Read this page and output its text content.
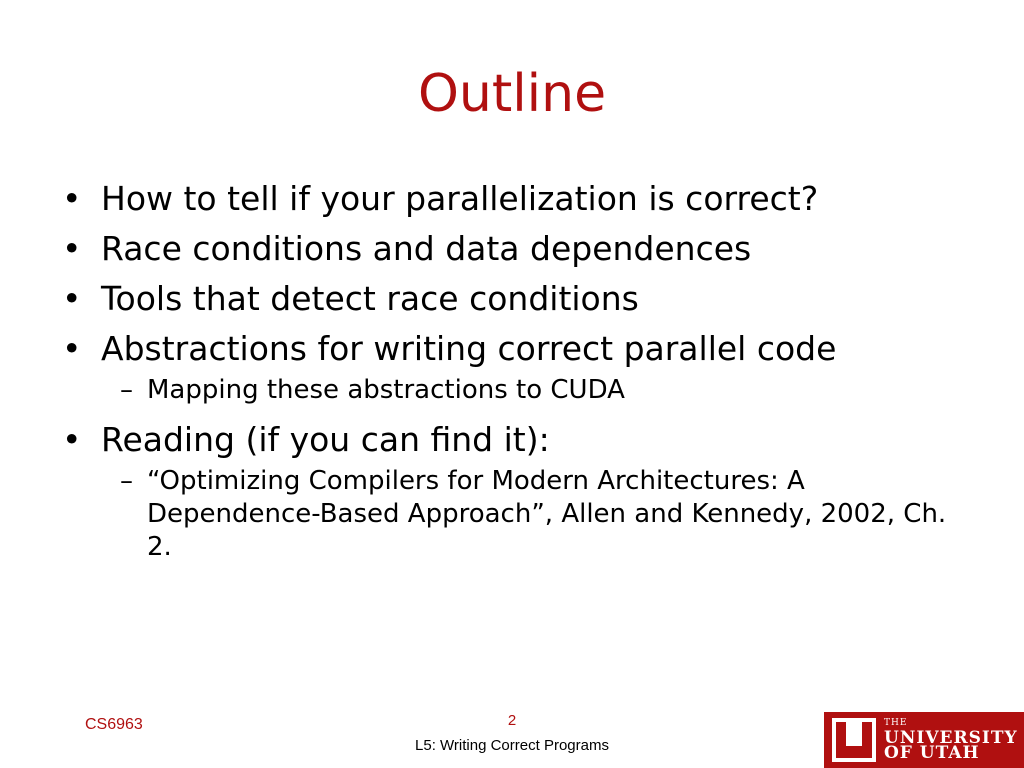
Outline
• How to tell if your parallelization is correct?
• Race conditions and data dependences
• Tools that detect race conditions
• Abstractions for writing correct parallel code
– Mapping these abstractions to CUDA
• Reading (if you can find it):
– “Optimizing Compilers for Modern Architectures: A Dependence-Based Approach”, Allen and Kennedy, 2002, Ch. 2.
CS6963	2
L5: Writing Correct Programs
THE
UNIVERSITY
OF UTAH
